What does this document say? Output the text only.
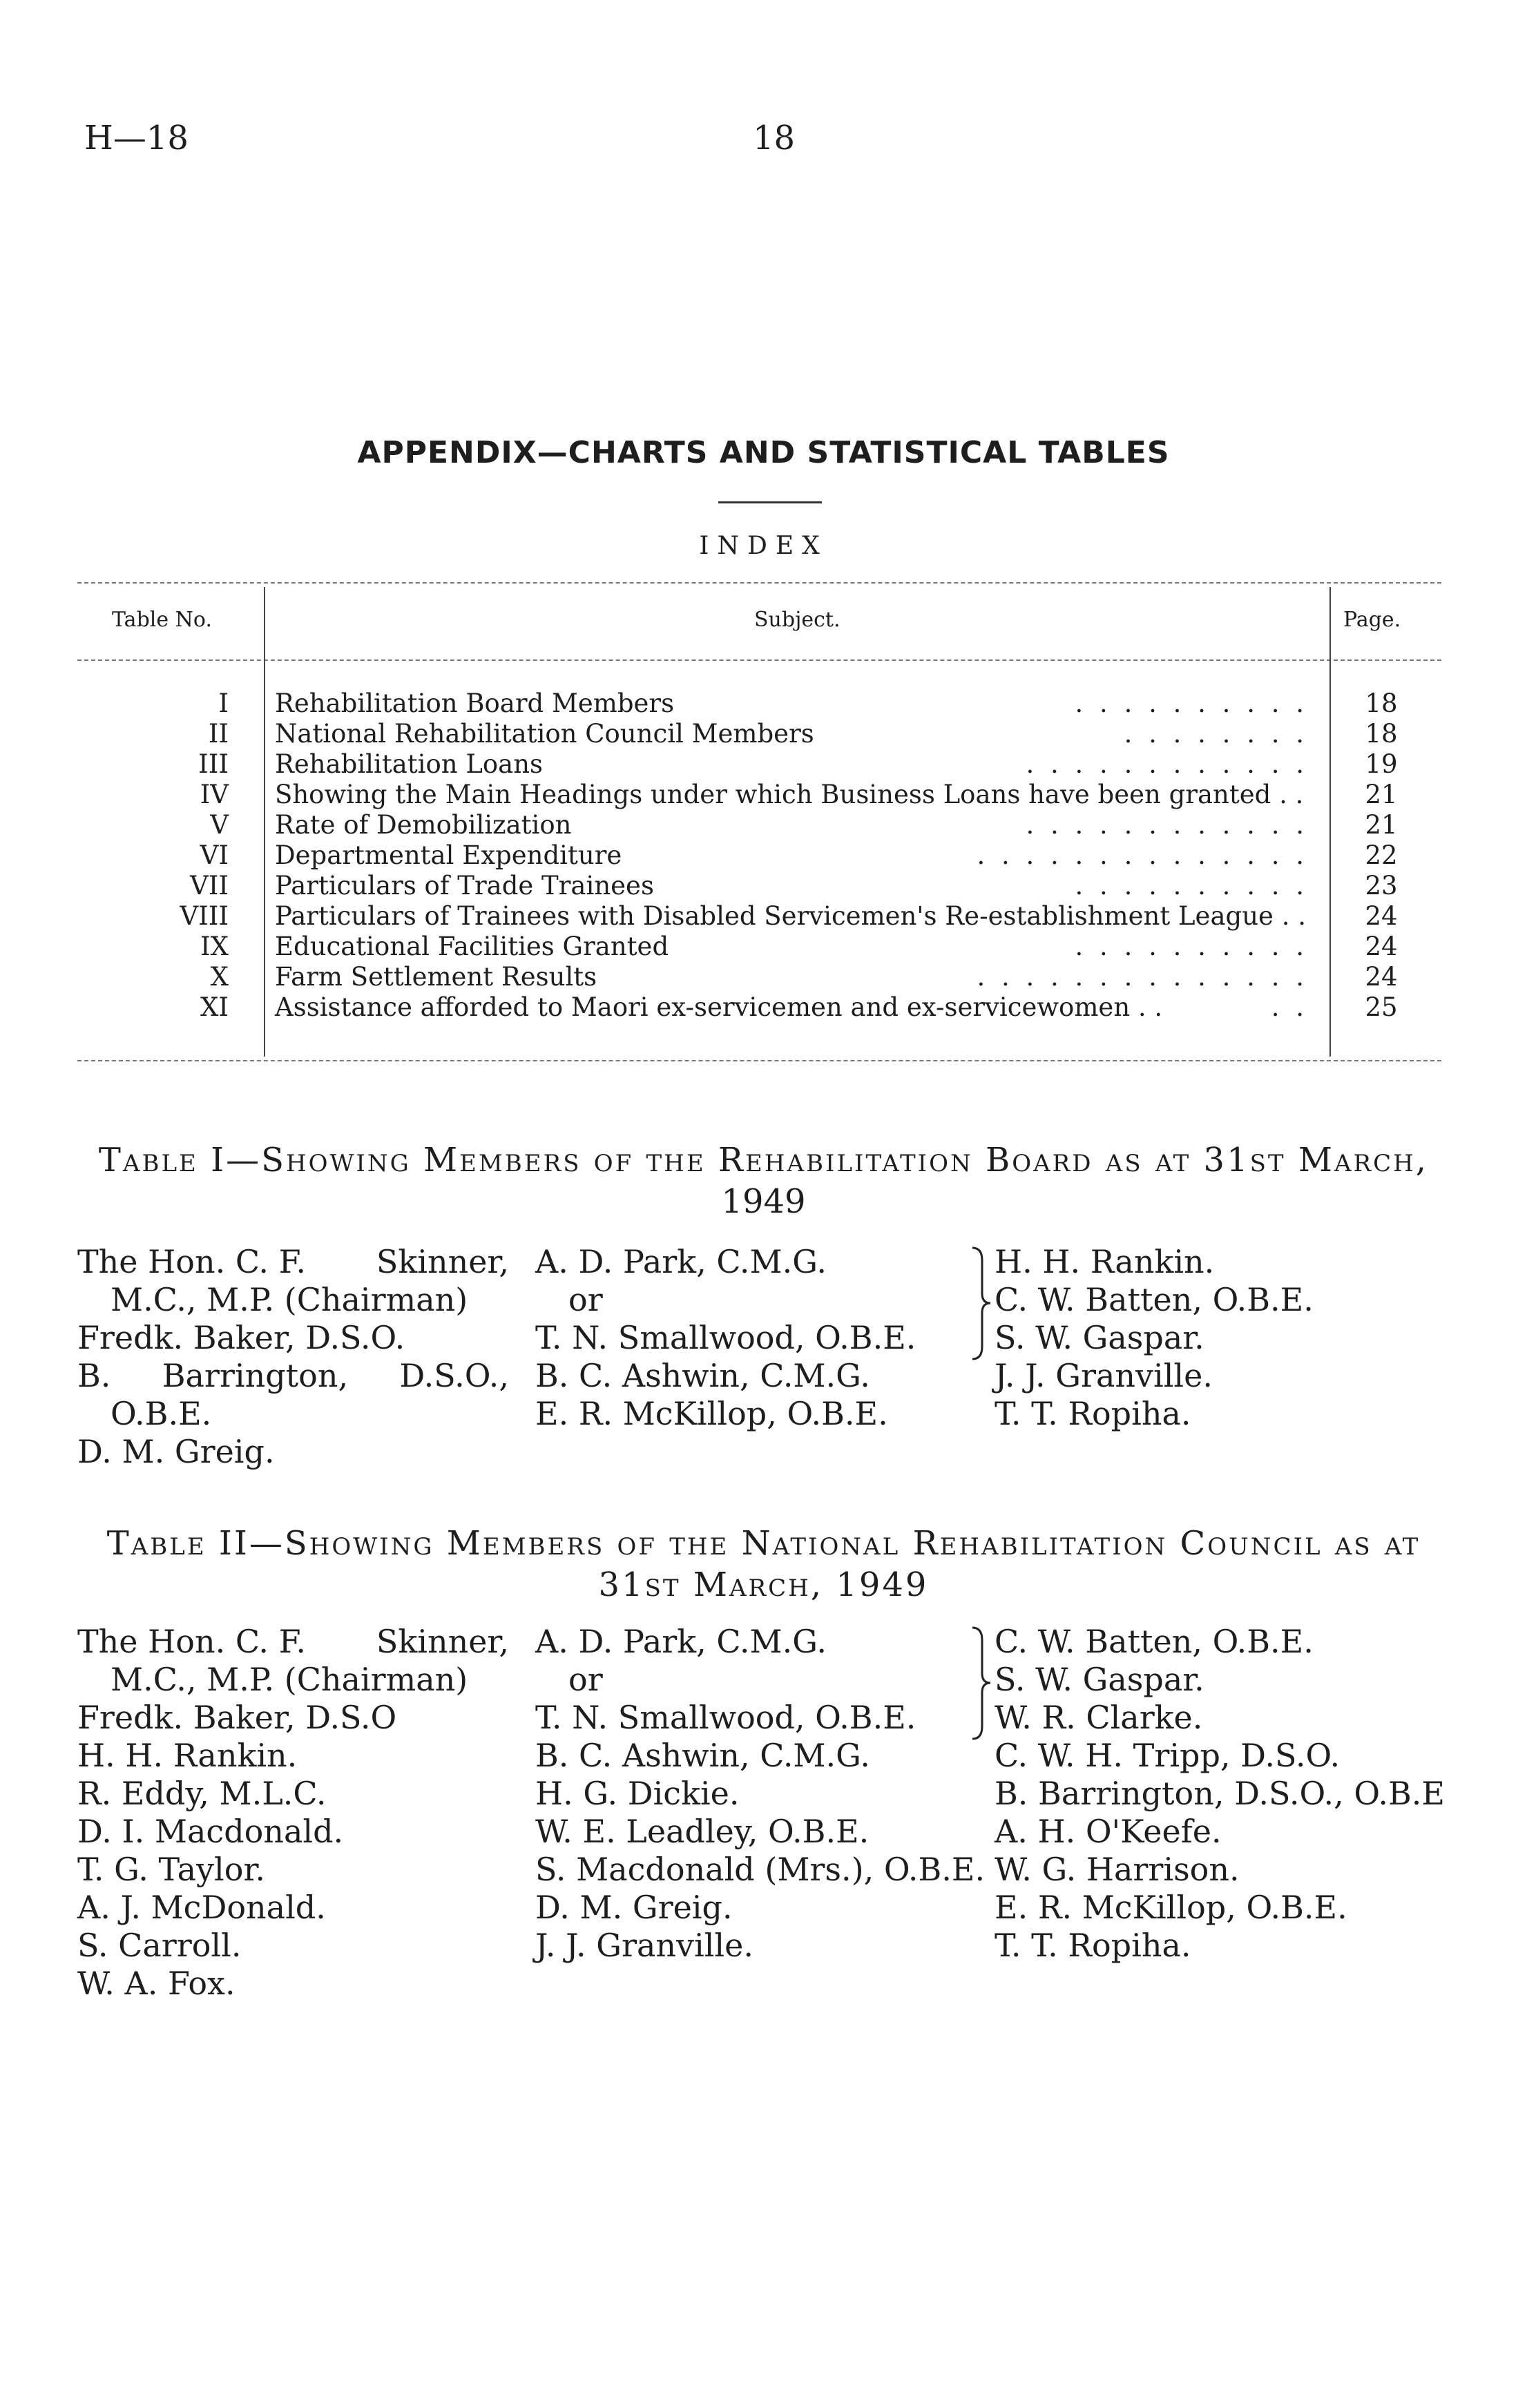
H—18	18
APPENDIX—CHARTS AND STATISTICAL TABLES
INDEX
Table No.	Subject.	Page.
I Rehabilitation Board Members	. . . . . . . . . .	18
II National Rehabilitation Council Members	. . . . . . . .	18
III Rehabilitation Loans	. . . . . . . . . . . .	19
IV Showing the Main Headings under which Business Loans have been granted . .	21
V Rate of Demobilization	. . . . . . . . . . . .	21
VI Departmental Expenditure	. . . . . . . . . . . . . .	22
VII Particulars of Trade Trainees	. . . . . . . . . .	23
VIII Particulars of Trainees with Disabled Servicemen's Re-establishment League . .	24
IX Educational Facilities Granted	. . . . . . . . . .	24
X Farm Settlement Results	. . . . . . . . . . . . . .	24
XI Assistance afforded to Maori ex-servicemen and ex-servicewomen . .	. .	25
Table I—Showing Members of the Rehabilitation Board as at 31st March,
1949
The Hon. C. F. Skinner,
M.C., M.P. (Chairman)
Fredk. Baker, D.S.O.
B. Barrington, D.S.O.,
O.B.E.
D. M. Greig.
A. D. Park, C.M.G.
or
T. N. Smallwood, O.B.E.
B. C. Ashwin, C.M.G.
E. R. McKillop, O.B.E.
H. H. Rankin.
C. W. Batten, O.B.E.
S. W. Gaspar.
J. J. Granville.
T. T. Ropiha.
Table II—Showing Members of the National Rehabilitation Council as at
31st March, 1949
The Hon. C. F. Skinner,
M.C., M.P. (Chairman)
Fredk. Baker, D.S.O
H. H. Rankin.
R. Eddy, M.L.C.
D. I. Macdonald.
T. G. Taylor.
A. J. McDonald.
S. Carroll.
W. A. Fox.
A. D. Park, C.M.G.
or
T. N. Smallwood, O.B.E.
B. C. Ashwin, C.M.G.
H. G. Dickie.
W. E. Leadley, O.B.E.
S. Macdonald (Mrs.), O.B.E.
D. M. Greig.
J. J. Granville.
C. W. Batten, O.B.E.
S. W. Gaspar.
W. R. Clarke.
C. W. H. Tripp, D.S.O.
B. Barrington, D.S.O., O.B.E
A. H. O'Keefe.
W. G. Harrison.
E. R. McKillop, O.B.E.
T. T. Ropiha.
